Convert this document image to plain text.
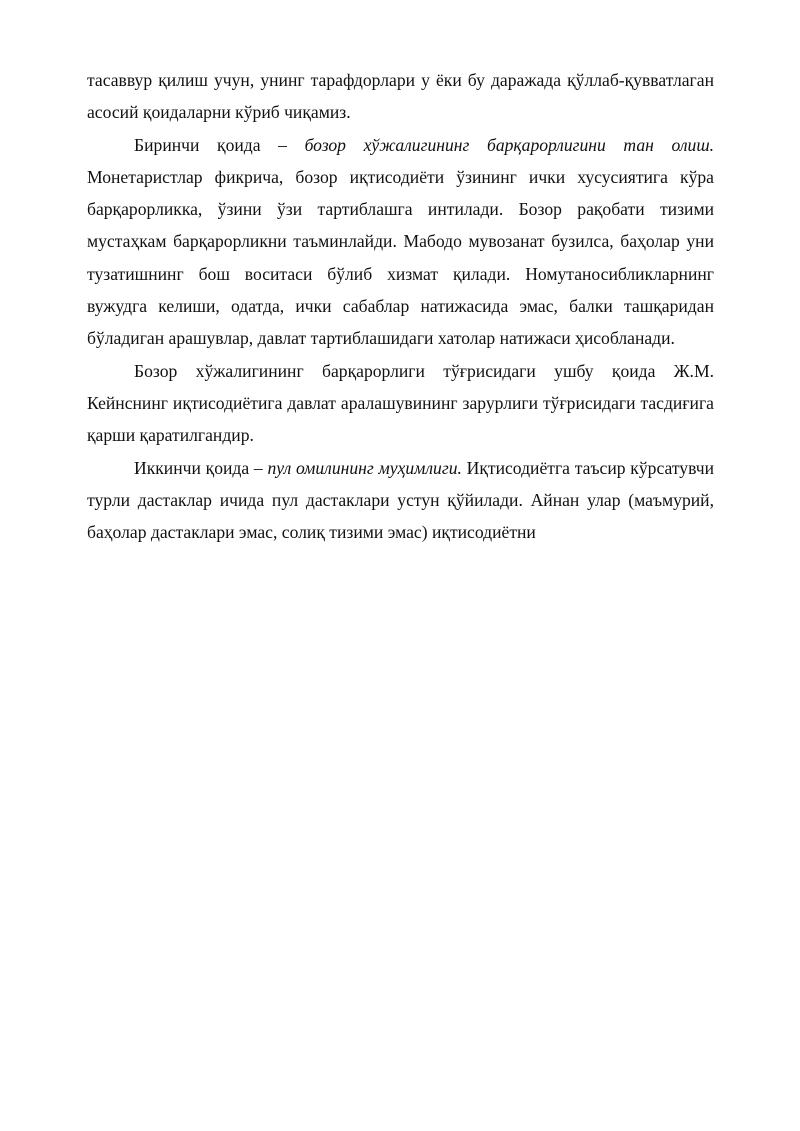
тасаввур қилиш учун, унинг тарафдорлари у ёки бу даражада қўллаб-қувватлаган асосий қоидаларни кўриб чиқамиз.

Биринчи қоида – бозор хўжалигининг барқарорлигини тан олиш. Монетаристлар фикрича, бозор иқтисодиёти ўзининг ички хусусиятига кўра барқарорликка, ўзини ўзи тартиблашга интилади. Бозор рақобати тизими мустаҳкам барқарорликни таъминлайди. Мабодо мувозанат бузилса, баҳолар уни тузатишнинг бош воситаси бўлиб хизмат қилади. Номутаносибликларнинг вужудга келиши, одатда, ички сабаблар натижасида эмас, балки ташқаридан бўладиган арашувлар, давлат тартиблашидаги хатолар натижаси ҳисобланади.

Бозор хўжалигининг барқарорлиги тўғрисидаги ушбу қоида Ж.М. Кейнснинг иқтисодиётига давлат аралашувининг зарурлиги тўғрисидаги тасдиғига қарши қаратилгандир.

Иккинчи қоида – пул омилининг муҳимлиги. Иқтисодиётга таъсир кўрсатувчи турли дастаклар ичида пул дастаклари устун қўйилади. Айнан улар (маъмурий, баҳолар дастаклари эмас, солиқ тизими эмас) иқтисодиётни
